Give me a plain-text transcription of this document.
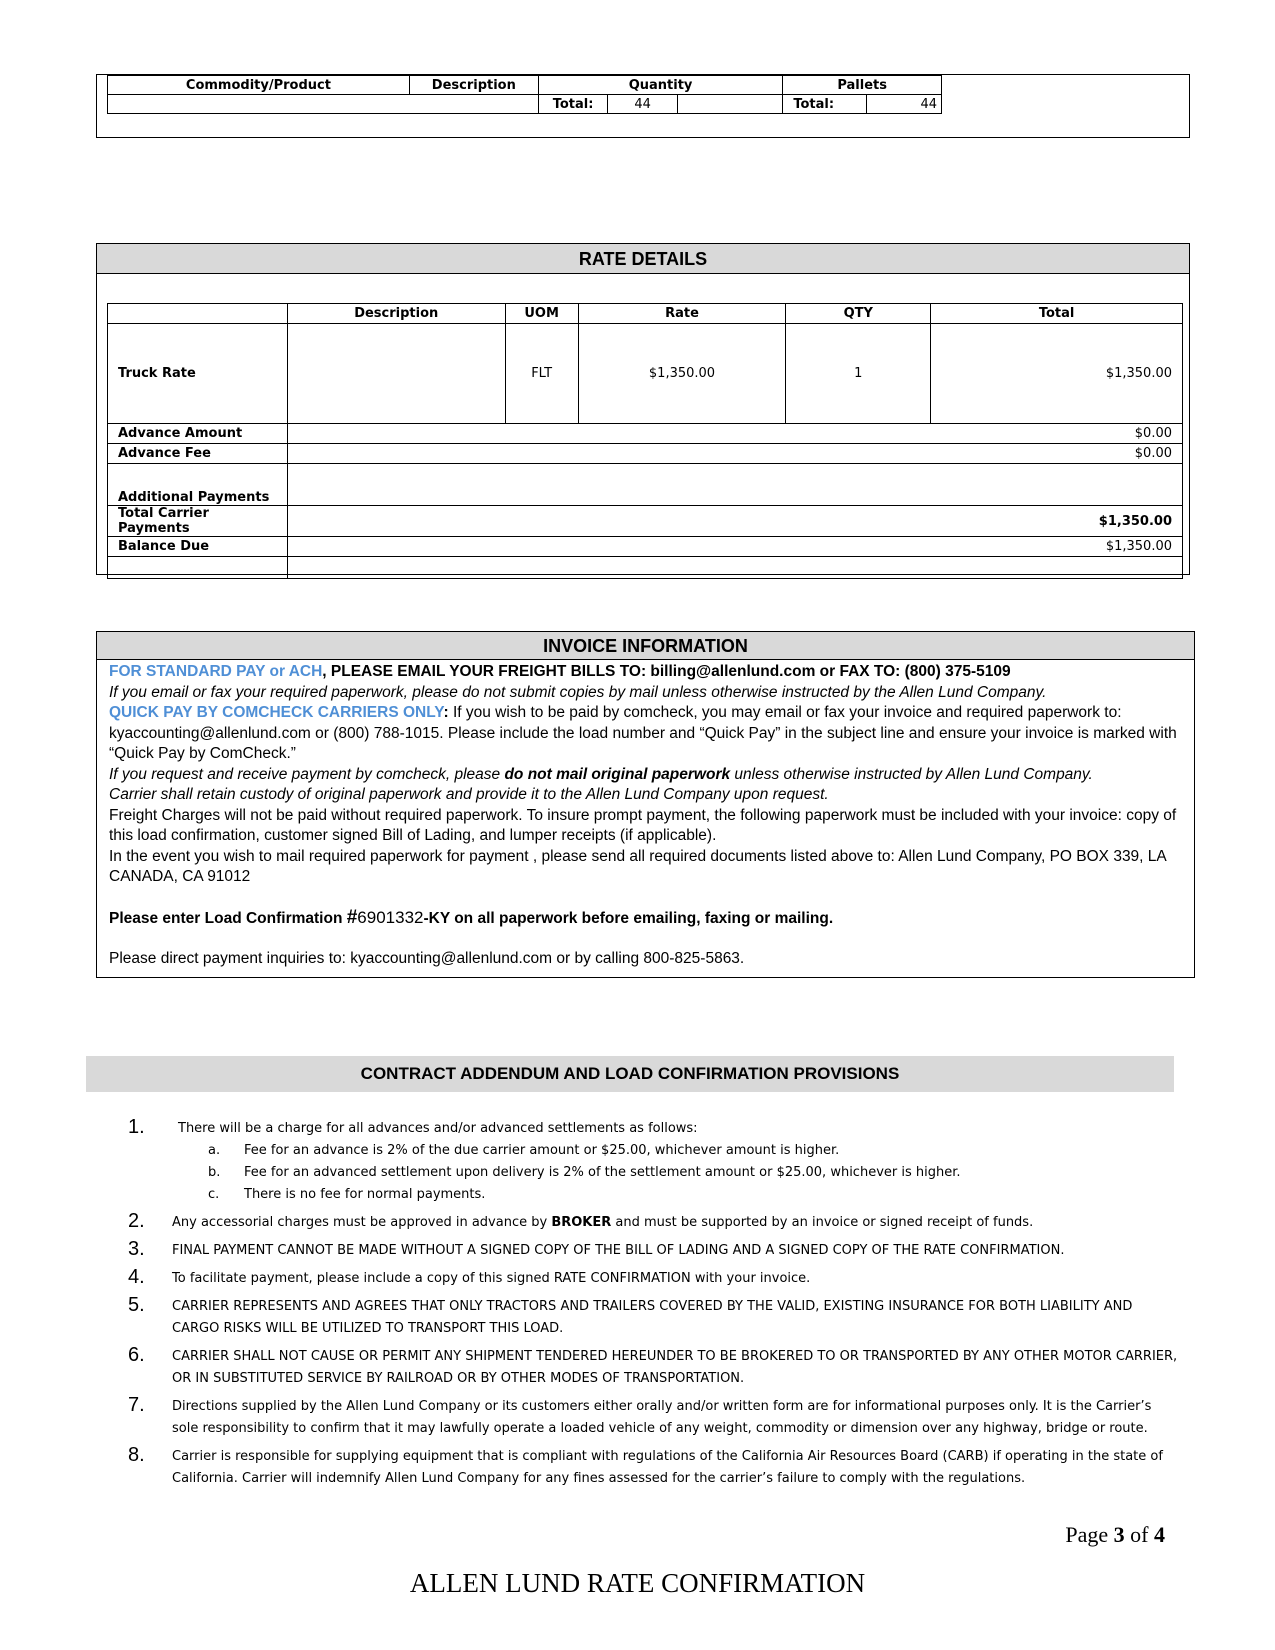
Commodity/Product	Description	Quantity			Pallets	
		Total:	44		Total:	44
RATE DETAILS
	Description	UOM	Rate	QTY	Total
Truck Rate		FLT	$1,350.00	1	$1,350.00
Advance Amount	$0.00				
Advance Fee	$0.00				
Additional Payments					
Total Carrier Payments	$1,350.00				
Balance Due	$1,350.00				

INVOICE INFORMATION

FOR STANDARD PAY or ACH, PLEASE EMAIL YOUR FREIGHT BILLS TO: billing@allenlund.com or FAX TO: (800) 375-5109

If you email or fax your required paperwork, please do not submit copies by mail unless otherwise instructed by the Allen Lund Company.

QUICK PAY BY COMCHECK CARRIERS ONLY: If you wish to be paid by comcheck, you may email or fax your invoice and required paperwork to: kyaccounting@allenlund.com or (800) 788-1015. Please include the load number and “Quick Pay” in the subject line and ensure your invoice is marked with “Quick Pay by ComCheck.”

If you request and receive payment by comcheck, please do not mail original paperwork unless otherwise instructed by Allen Lund Company.

Carrier shall retain custody of original paperwork and provide it to the Allen Lund Company upon request.

Freight Charges will not be paid without required paperwork. To insure prompt payment, the following paperwork must be included with your invoice: copy of this load confirmation, customer signed Bill of Lading, and lumper receipts (if applicable).

In the event you wish to mail required paperwork for payment , please send all required documents listed above to: Allen Lund Company, PO BOX 339, LA CANADA, CA 91012

Please enter Load Confirmation #6901332-KY on all paperwork before emailing, faxing or mailing.

Please direct payment inquiries to: kyaccounting@allenlund.com or by calling 800-825-5863.

CONTRACT ADDENDUM AND LOAD CONFIRMATION PROVISIONS
1.	There will be a charge for all advances and/or advanced settlements as follows:
a. Fee for an advance is 2% of the due carrier amount or $25.00, whichever amount is higher.
b. Fee for an advanced settlement upon delivery is 2% of the settlement amount or $25.00, whichever is higher.
c. There is no fee for normal payments.
2. Any accessorial charges must be approved in advance by BROKER and must be supported by an invoice or signed receipt of funds.
3. FINAL PAYMENT CANNOT BE MADE WITHOUT A SIGNED COPY OF THE BILL OF LADING AND A SIGNED COPY OF THE RATE CONFIRMATION.
4. To facilitate payment, please include a copy of this signed RATE CONFIRMATION with your invoice.
5. CARRIER REPRESENTS AND AGREES THAT ONLY TRACTORS AND TRAILERS COVERED BY THE VALID, EXISTING INSURANCE FOR BOTH LIABILITY AND CARGO RISKS WILL BE UTILIZED TO TRANSPORT THIS LOAD.
6. CARRIER SHALL NOT CAUSE OR PERMIT ANY SHIPMENT TENDERED HEREUNDER TO BE BROKERED TO OR TRANSPORTED BY ANY OTHER MOTOR CARRIER, OR IN SUBSTITUTED SERVICE BY RAILROAD OR BY OTHER MODES OF TRANSPORTATION.
7. Directions supplied by the Allen Lund Company or its customers either orally and/or written form are for informational purposes only. It is the Carrier’s sole responsibility to confirm that it may lawfully operate a loaded vehicle of any weight, commodity or dimension over any highway, bridge or route.
8. Carrier is responsible for supplying equipment that is compliant with regulations of the California Air Resources Board (CARB) if operating in the state of California. Carrier will indemnify Allen Lund Company for any fines assessed for the carrier’s failure to comply with the regulations.
Page 3 of 4
ALLEN LUND RATE CONFIRMATION
